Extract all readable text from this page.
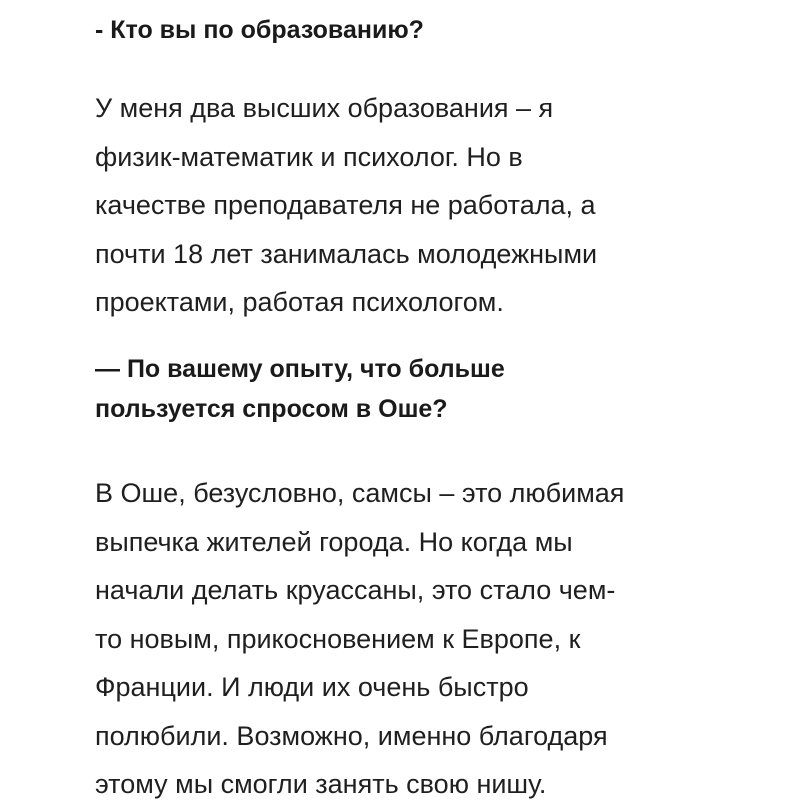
- Кто вы по образованию?

У меня два высших образования – я
физик-математик и психолог. Но в
качестве преподавателя не работала, а
почти 18 лет занималась молодежными
проектами, работая психологом.

— По вашему опыту, что больше
пользуется спросом в Оше?

В Оше, безусловно, самсы – это любимая
выпечка жителей города. Но когда мы
начали делать круассаны, это стало чем-
то новым, прикосновением к Европе, к
Франции. И люди их очень быстро
полюбили. Возможно, именно благодаря
этому мы смогли занять свою нишу.
